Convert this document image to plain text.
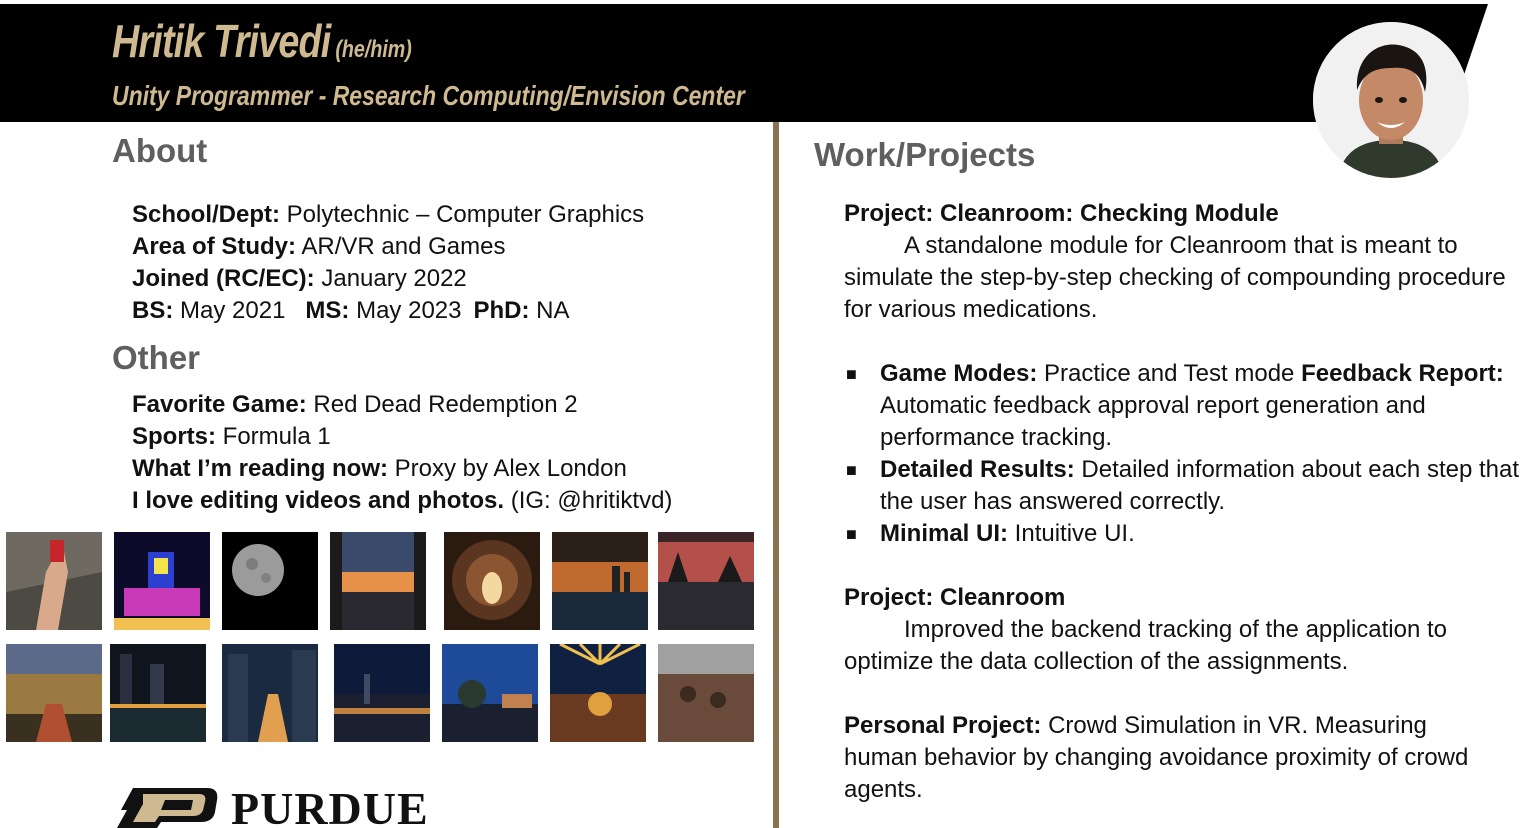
Hritik Trivedi (he/him)
Unity Programmer - Research Computing/Envision Center
About
School/Dept: Polytechnic – Computer Graphics
Area of Study: AR/VR and Games
Joined (RC/EC): January 2022
BS: May 2021 MS: May 2023 PhD: NA
Other
Favorite Game: Red Dead Redemption 2
Sports: Formula 1
What I’m reading now: Proxy by Alex London
I love editing videos and photos. (IG: @hritiktvd)
PURDUE
Work/Projects
Project: Cleanroom: Checking Module
A standalone module for Cleanroom that is meant to simulate the step-by-step checking of compounding procedure for various medications.
■ Game Modes: Practice and Test mode Feedback Report: Automatic feedback approval report generation and performance tracking.
■ Detailed Results: Detailed information about each step that the user has answered correctly.
■ Minimal UI: Intuitive UI.
Project: Cleanroom
Improved the backend tracking of the application to optimize the data collection of the assignments.
Personal Project: Crowd Simulation in VR. Measuring human behavior by changing avoidance proximity of crowd agents.
